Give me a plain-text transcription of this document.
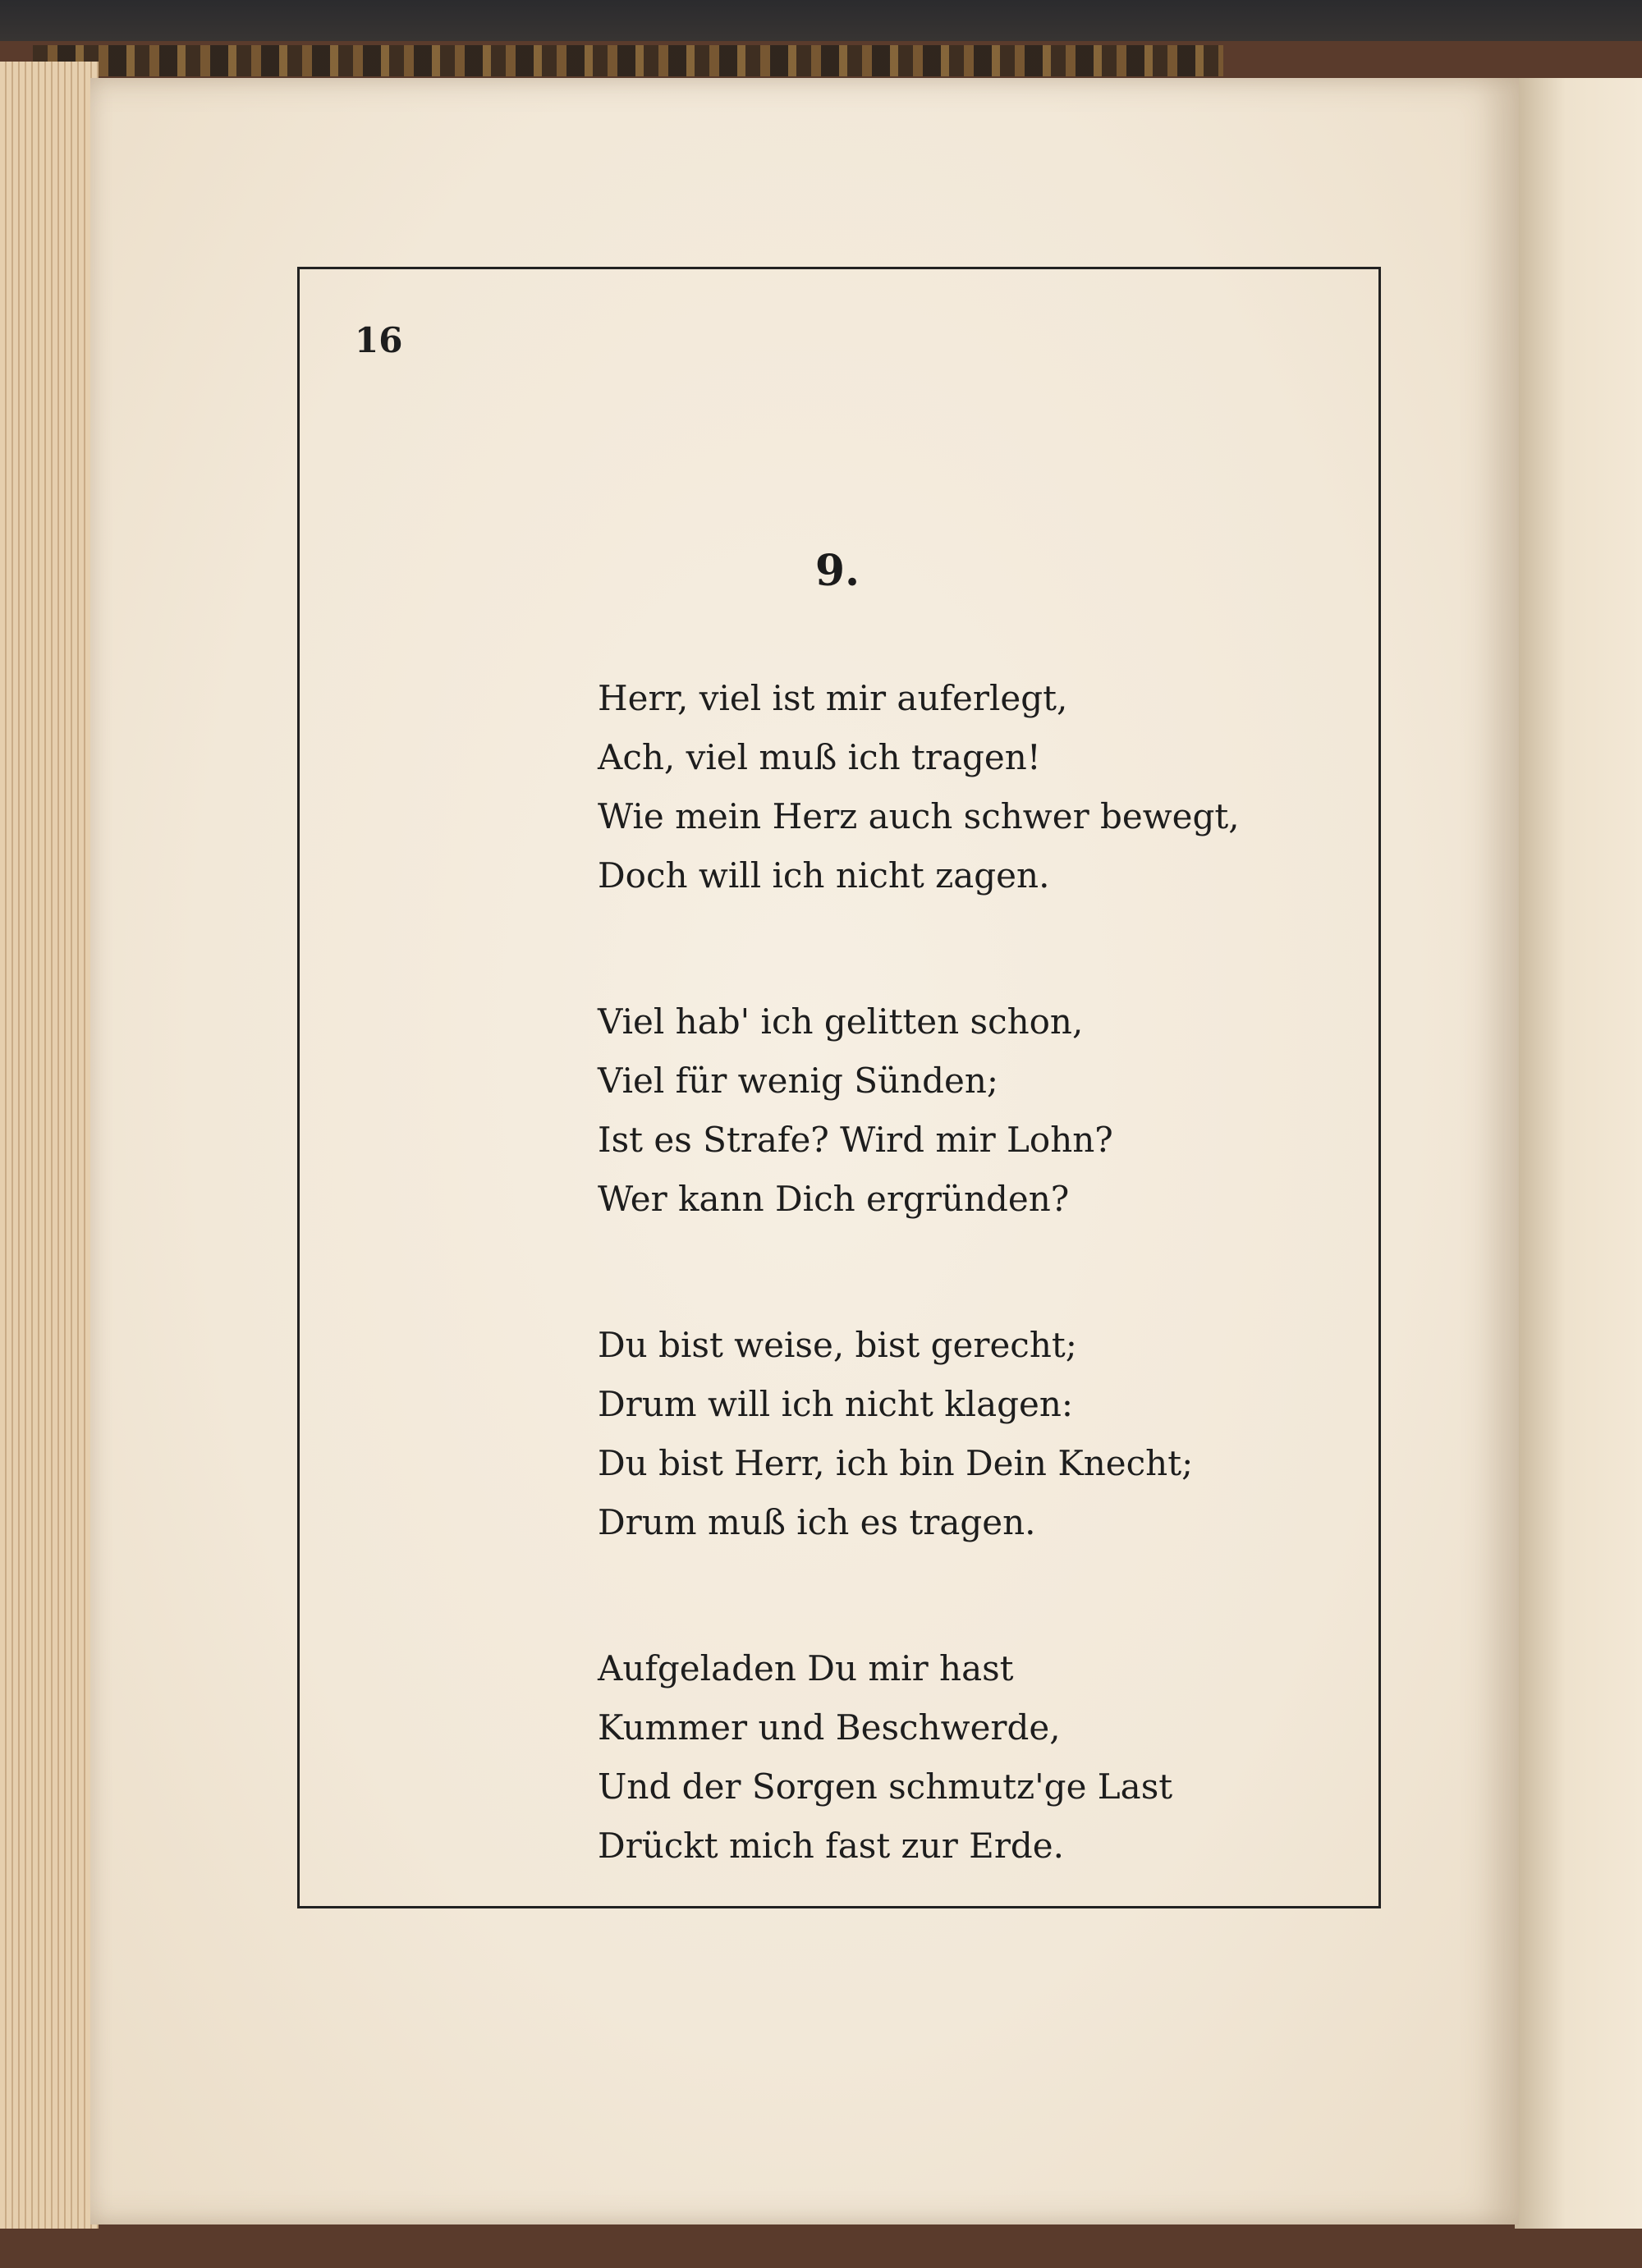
16
9.
Herr, viel ist mir auferlegt,
Ach, viel muß ich tragen!
Wie mein Herz auch schwer bewegt,
Doch will ich nicht zagen.
Viel hab' ich gelitten schon,
Viel für wenig Sünden;
Ist es Strafe? Wird mir Lohn?
Wer kann Dich ergründen?
Du bist weise, bist gerecht;
Drum will ich nicht klagen:
Du bist Herr, ich bin Dein Knecht;
Drum muß ich es tragen.
Aufgeladen Du mir hast
Kummer und Beschwerde,
Und der Sorgen schmutz'ge Last
Drückt mich fast zur Erde.
